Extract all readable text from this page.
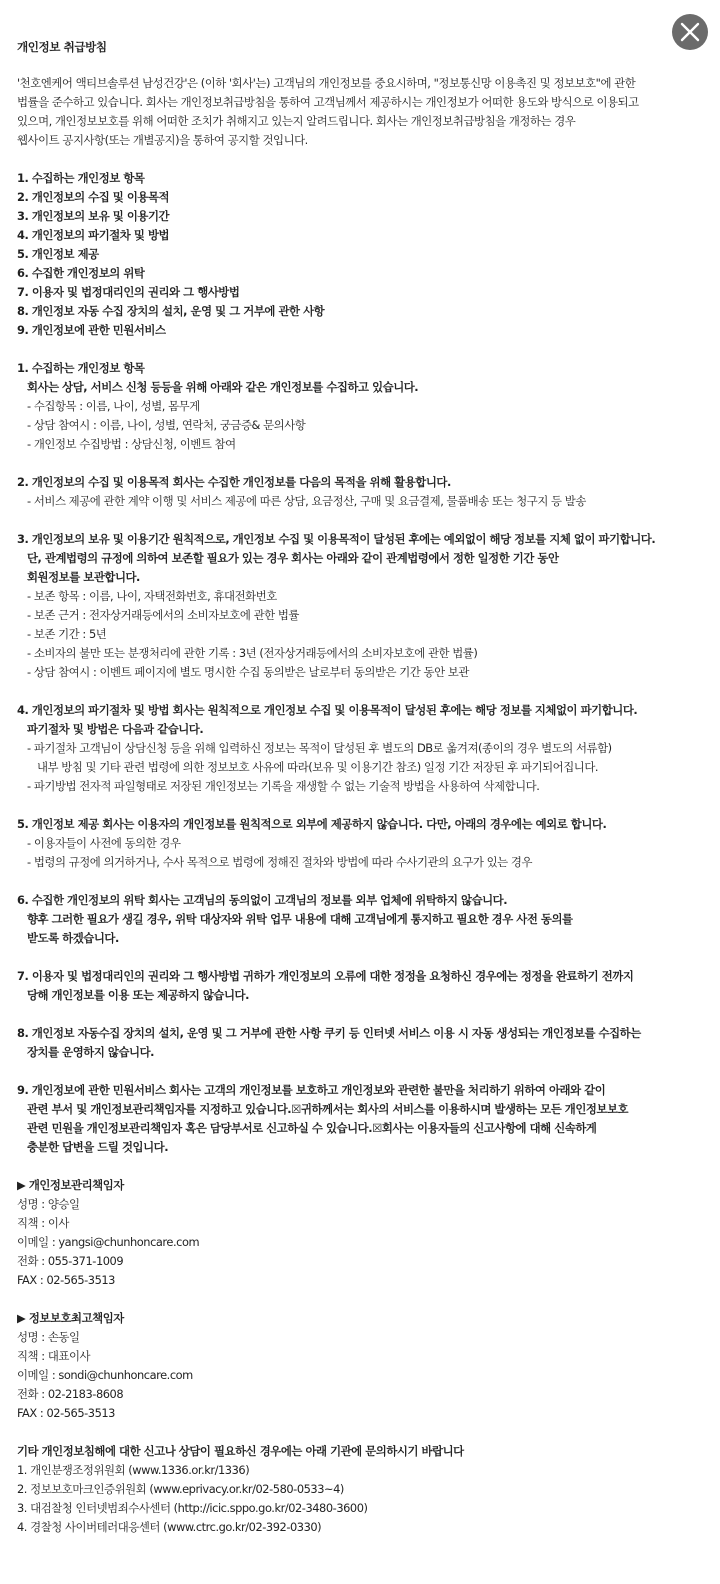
개인정보 취급방침
'천호엔케어 액티브솔루션 남성건강'은 (이하 '회사'는) 고객님의 개인정보를 중요시하며, "정보통신망 이용촉진 및 정보보호"에 관한
법률을 준수하고 있습니다. 회사는 개인정보취급방침을 통하여 고객님께서 제공하시는 개인정보가 어떠한 용도와 방식으로 이용되고
있으며, 개인정보보호를 위해 어떠한 조치가 취해지고 있는지 알려드립니다. 회사는 개인정보취급방침을 개정하는 경우
웹사이트 공지사항(또는 개별공지)을 통하여 공지할 것입니다.
1. 수집하는 개인정보 항목
2. 개인정보의 수집 및 이용목적
3. 개인정보의 보유 및 이용기간
4. 개인정보의 파기절차 및 방법
5. 개인정보 제공
6. 수집한 개인정보의 위탁
7. 이용자 및 법정대리인의 권리와 그 행사방법
8. 개인정보 자동 수집 장치의 설치, 운영 및 그 거부에 관한 사항
9. 개인정보에 관한 민원서비스
1. 수집하는 개인정보 항목
회사는 상담, 서비스 신청 등등을 위해 아래와 같은 개인정보를 수집하고 있습니다.
- 수집항목 : 이름, 나이, 성별, 몸무게
- 상담 참여시 : 이름, 나이, 성별, 연락처, 궁금증& 문의사항
- 개인정보 수집방법 : 상담신청, 이벤트 참여
2. 개인정보의 수집 및 이용목적 회사는 수집한 개인정보를 다음의 목적을 위해 활용합니다.
- 서비스 제공에 관한 계약 이행 및 서비스 제공에 따른 상담, 요금정산, 구매 및 요금결제, 물품배송 또는 청구지 등 발송
3. 개인정보의 보유 및 이용기간 원칙적으로, 개인정보 수집 및 이용목적이 달성된 후에는 예외없이 해당 정보를 지체 없이 파기합니다.
단, 관계법령의 규정에 의하여 보존할 필요가 있는 경우 회사는 아래와 같이 관계법령에서 정한 일정한 기간 동안
회원정보를 보관합니다.
- 보존 항목 : 이름, 나이, 자택전화번호, 휴대전화번호
- 보존 근거 : 전자상거래등에서의 소비자보호에 관한 법률
- 보존 기간 : 5년
- 소비자의 불만 또는 분쟁처리에 관한 기록 : 3년 (전자상거래등에서의 소비자보호에 관한 법률)
- 상담 참여시 : 이벤트 페이지에 별도 명시한 수집 동의받은 날로부터 동의받은 기간 동안 보관
4. 개인정보의 파기절차 및 방법 회사는 원칙적으로 개인정보 수집 및 이용목적이 달성된 후에는 해당 정보를 지체없이 파기합니다.
파기절차 및 방법은 다음과 같습니다.
- 파기절차 고객님이 상담신청 등을 위해 입력하신 정보는 목적이 달성된 후 별도의 DB로 옮겨져(종이의 경우 별도의 서류함)
내부 방침 및 기타 관련 법령에 의한 정보보호 사유에 따라(보유 및 이용기간 참조) 일정 기간 저장된 후 파기되어집니다.
- 파기방법 전자적 파일형태로 저장된 개인정보는 기록을 재생할 수 없는 기술적 방법을 사용하여 삭제합니다.
5. 개인정보 제공 회사는 이용자의 개인정보를 원칙적으로 외부에 제공하지 않습니다. 다만, 아래의 경우에는 예외로 합니다.
- 이용자들이 사전에 동의한 경우
- 법령의 규정에 의거하거나, 수사 목적으로 법령에 정해진 절차와 방법에 따라 수사기관의 요구가 있는 경우
6. 수집한 개인정보의 위탁 회사는 고객님의 동의없이 고객님의 정보를 외부 업체에 위탁하지 않습니다.
향후 그러한 필요가 생길 경우, 위탁 대상자와 위탁 업무 내용에 대해 고객님에게 통지하고 필요한 경우 사전 동의를
받도록 하겠습니다.
7. 이용자 및 법정대리인의 권리와 그 행사방법 귀하가 개인정보의 오류에 대한 정정을 요청하신 경우에는 정정을 완료하기 전까지
당해 개인정보를 이용 또는 제공하지 않습니다.
8. 개인정보 자동수집 장치의 설치, 운영 및 그 거부에 관한 사항 쿠키 등 인터넷 서비스 이용 시 자동 생성되는 개인정보를 수집하는
장치를 운영하지 않습니다.
9. 개인정보에 관한 민원서비스 회사는 고객의 개인정보를 보호하고 개인정보와 관련한 불만을 처리하기 위하여 아래와 같이
관련 부서 및 개인정보관리책임자를 지정하고 있습니다.☒귀하께서는 회사의 서비스를 이용하시며 발생하는 모든 개인정보보호
관련 민원을 개인정보관리책임자 혹은 담당부서로 신고하실 수 있습니다.☒회사는 이용자들의 신고사항에 대해 신속하게
충분한 답변을 드릴 것입니다.
▶ 개인정보관리책임자
성명 : 양승일
직책 : 이사
이메일 : yangsi@chunhoncare.com
전화 : 055-371-1009
FAX : 02-565-3513
▶ 정보보호최고책임자
성명 : 손동일
직책 : 대표이사
이메일 : sondi@chunhoncare.com
전화 : 02-2183-8608
FAX : 02-565-3513
기타 개인정보침해에 대한 신고나 상담이 필요하신 경우에는 아래 기관에 문의하시기 바랍니다
1. 개인분쟁조정위원회 (www.1336.or.kr/1336)
2. 정보보호마크인증위원회 (www.eprivacy.or.kr/02-580-0533~4)
3. 대검찰청 인터넷범죄수사센터 (http://icic.sppo.go.kr/02-3480-3600)
4. 경찰청 사이버테러대응센터 (www.ctrc.go.kr/02-392-0330)
